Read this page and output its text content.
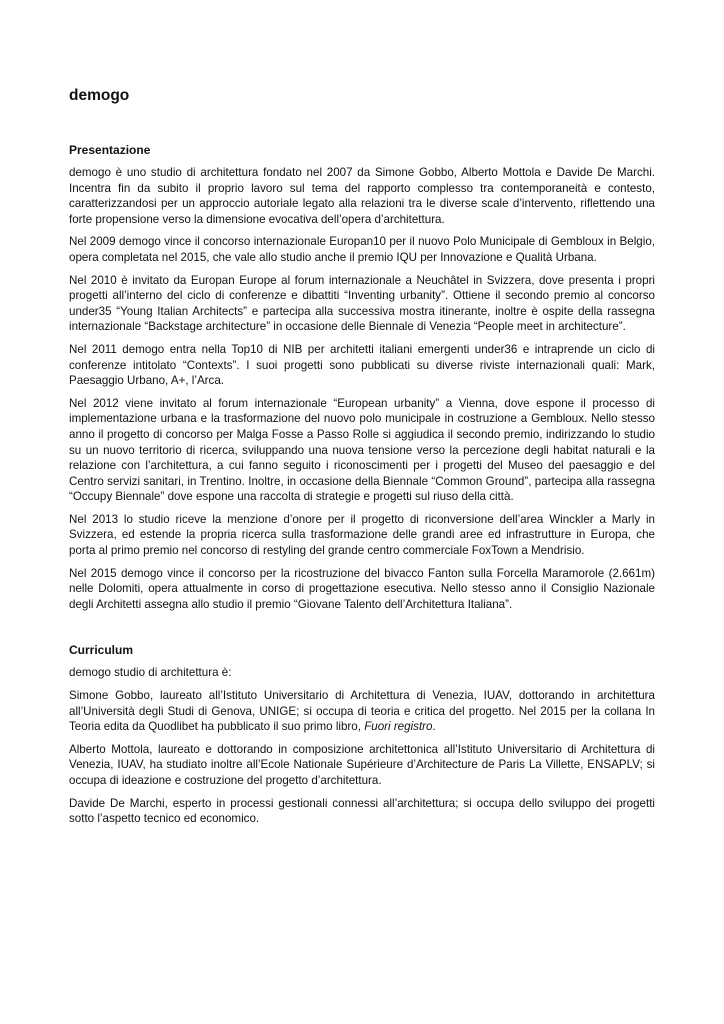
demogo
Presentazione

demogo è uno studio di architettura fondato nel 2007 da Simone Gobbo, Alberto Mottola e Davide De Marchi. Incentra fin da subito il proprio lavoro sul tema del rapporto complesso tra contemporaneità e contesto, caratterizzandosi per un approccio autoriale legato alla relazioni tra le diverse scale d’intervento, riflettendo una forte propensione verso la dimensione evocativa dell’opera d’architettura.

Nel 2009 demogo vince il concorso internazionale Europan10 per il nuovo Polo Municipale di Gembloux in Belgio, opera completata nel 2015, che vale allo studio anche il premio IQU per Innovazione e Qualità Urbana.

Nel 2010 è invitato da Europan Europe al forum internazionale a Neuchâtel in Svizzera, dove presenta i propri progetti all’interno del ciclo di conferenze e dibattiti “Inventing urbanity”. Ottiene il secondo premio al concorso under35 “Young Italian Architects” e partecipa alla successiva mostra itinerante, inoltre è ospite della rassegna internazionale “Backstage architecture” in occasione delle Biennale di Venezia “People meet in architecture”.

Nel 2011 demogo entra nella Top10 di NIB per architetti italiani emergenti under36 e intraprende un ciclo di conferenze intitolato “Contexts”. I suoi progetti sono pubblicati su diverse riviste internazionali quali: Mark, Paesaggio Urbano, A+, l’Arca.

Nel 2012 viene invitato al forum internazionale “European urbanity” a Vienna, dove espone il processo di implementazione urbana e la trasformazione del nuovo polo municipale in costruzione a Gembloux. Nello stesso anno il progetto di concorso per Malga Fosse a Passo Rolle si aggiudica il secondo premio, indirizzando lo studio su un nuovo territorio di ricerca, sviluppando una nuova tensione verso la percezione degli habitat naturali e la relazione con l’architettura, a cui fanno seguito i riconoscimenti per i progetti del Museo del paesaggio e del Centro servizi sanitari, in Trentino. Inoltre, in occasione della Biennale “Common Ground”, partecipa alla rassegna “Occupy Biennale” dove espone una raccolta di strategie e progetti sul riuso della città.

Nel 2013 lo studio riceve la menzione d’onore per il progetto di riconversione dell’area Winckler a Marly in Svizzera, ed estende la propria ricerca sulla trasformazione delle grandi aree ed infrastrutture in Europa, che porta al primo premio nel concorso di restyling del grande centro commerciale FoxTown a Mendrisio.

Nel 2015 demogo vince il concorso per la ricostruzione del bivacco Fanton sulla Forcella Maramorole (2.661m) nelle Dolomiti, opera attualmente in corso di progettazione esecutiva. Nello stesso anno il Consiglio Nazionale degli Architetti assegna allo studio il premio “Giovane Talento dell’Architettura Italiana”.

Curriculum

demogo studio di architettura è:

Simone Gobbo, laureato all’Istituto Universitario di Architettura di Venezia, IUAV, dottorando in architettura all’Università degli Studi di Genova, UNIGE; si occupa di teoria e critica del progetto. Nel 2015 per la collana In Teoria edita da Quodlibet ha pubblicato il suo primo libro, Fuori registro.

Alberto Mottola, laureato e dottorando in composizione architettonica all’Istituto Universitario di Architettura di Venezia, IUAV, ha studiato inoltre all’Ecole Nationale Supérieure d’Architecture de Paris La Villette, ENSAPLV; si occupa di ideazione e costruzione del progetto d’architettura.

Davide De Marchi, esperto in processi gestionali connessi all’architettura; si occupa dello sviluppo dei progetti sotto l’aspetto tecnico ed economico.
